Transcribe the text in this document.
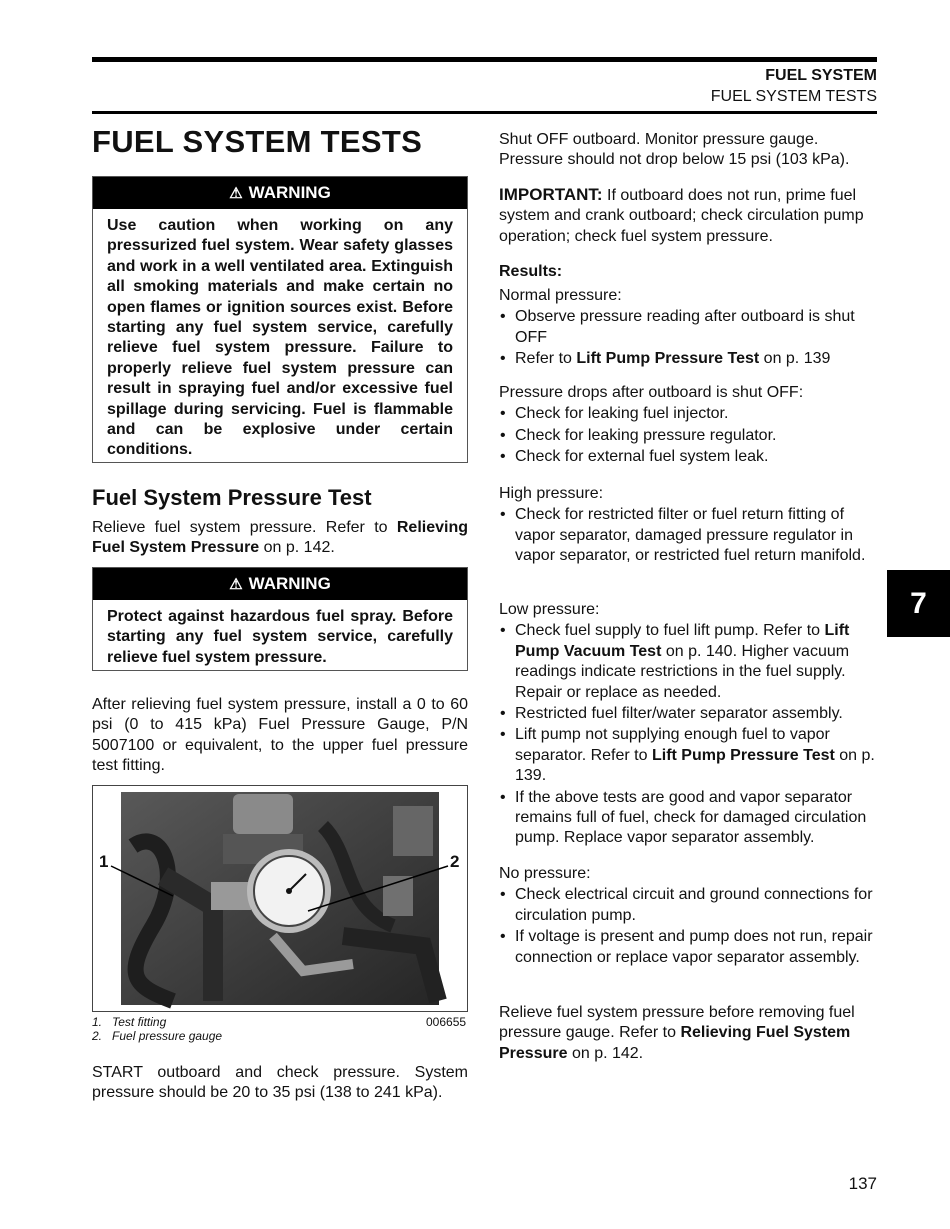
FUEL SYSTEM
FUEL SYSTEM TESTS
FUEL SYSTEM TESTS
⚠ WARNING
Use caution when working on any pressurized fuel system. Wear safety glasses and work in a well ventilated area. Extinguish all smoking materials and make certain no open flames or ignition sources exist. Before starting any fuel system service, carefully relieve fuel system pressure. Failure to properly relieve fuel system pressure can result in spraying fuel and/or excessive fuel spillage during servicing. Fuel is flammable and can be explosive under certain conditions.
Fuel System Pressure Test
Relieve fuel system pressure. Refer to Relieving Fuel System Pressure on p. 142.
⚠ WARNING
Protect against hazardous fuel spray. Before starting any fuel system service, carefully relieve fuel system pressure.
After relieving fuel system pressure, install a 0 to 60 psi (0 to 415 kPa) Fuel Pressure Gauge, P/N 5007100 or equivalent, to the upper fuel pressure test fitting.
1	2
1.   Test fitting
2.   Fuel pressure gauge
006655
START outboard and check pressure. System pressure should be 20 to 35 psi (138 to 241 kPa).
Shut OFF outboard. Monitor pressure gauge. Pressure should not drop below 15 psi (103 kPa).
IMPORTANT: If outboard does not run, prime fuel system and crank outboard; check circulation pump operation; check fuel system pressure.
Results:
Normal pressure:
• Observe pressure reading after outboard is shut OFF
• Refer to Lift Pump Pressure Test on p. 139
Pressure drops after outboard is shut OFF:
• Check for leaking fuel injector.
• Check for leaking pressure regulator.
• Check for external fuel system leak.
High pressure:
• Check for restricted filter or fuel return fitting of vapor separator, damaged pressure regulator in vapor separator, or restricted fuel return manifold.
Low pressure:
• Check fuel supply to fuel lift pump. Refer to Lift Pump Vacuum Test on p. 140. Higher vacuum readings indicate restrictions in the fuel supply. Repair or replace as needed.
• Restricted fuel filter/water separator assembly.
• Lift pump not supplying enough fuel to vapor separator. Refer to Lift Pump Pressure Test on p. 139.
• If the above tests are good and vapor separator remains full of fuel, check for damaged circulation pump. Replace vapor separator assembly.
No pressure:
• Check electrical circuit and ground connections for circulation pump.
• If voltage is present and pump does not run, repair connection or replace vapor separator assembly.
Relieve fuel system pressure before removing fuel pressure gauge. Refer to Relieving Fuel System Pressure on p. 142.
7
137
